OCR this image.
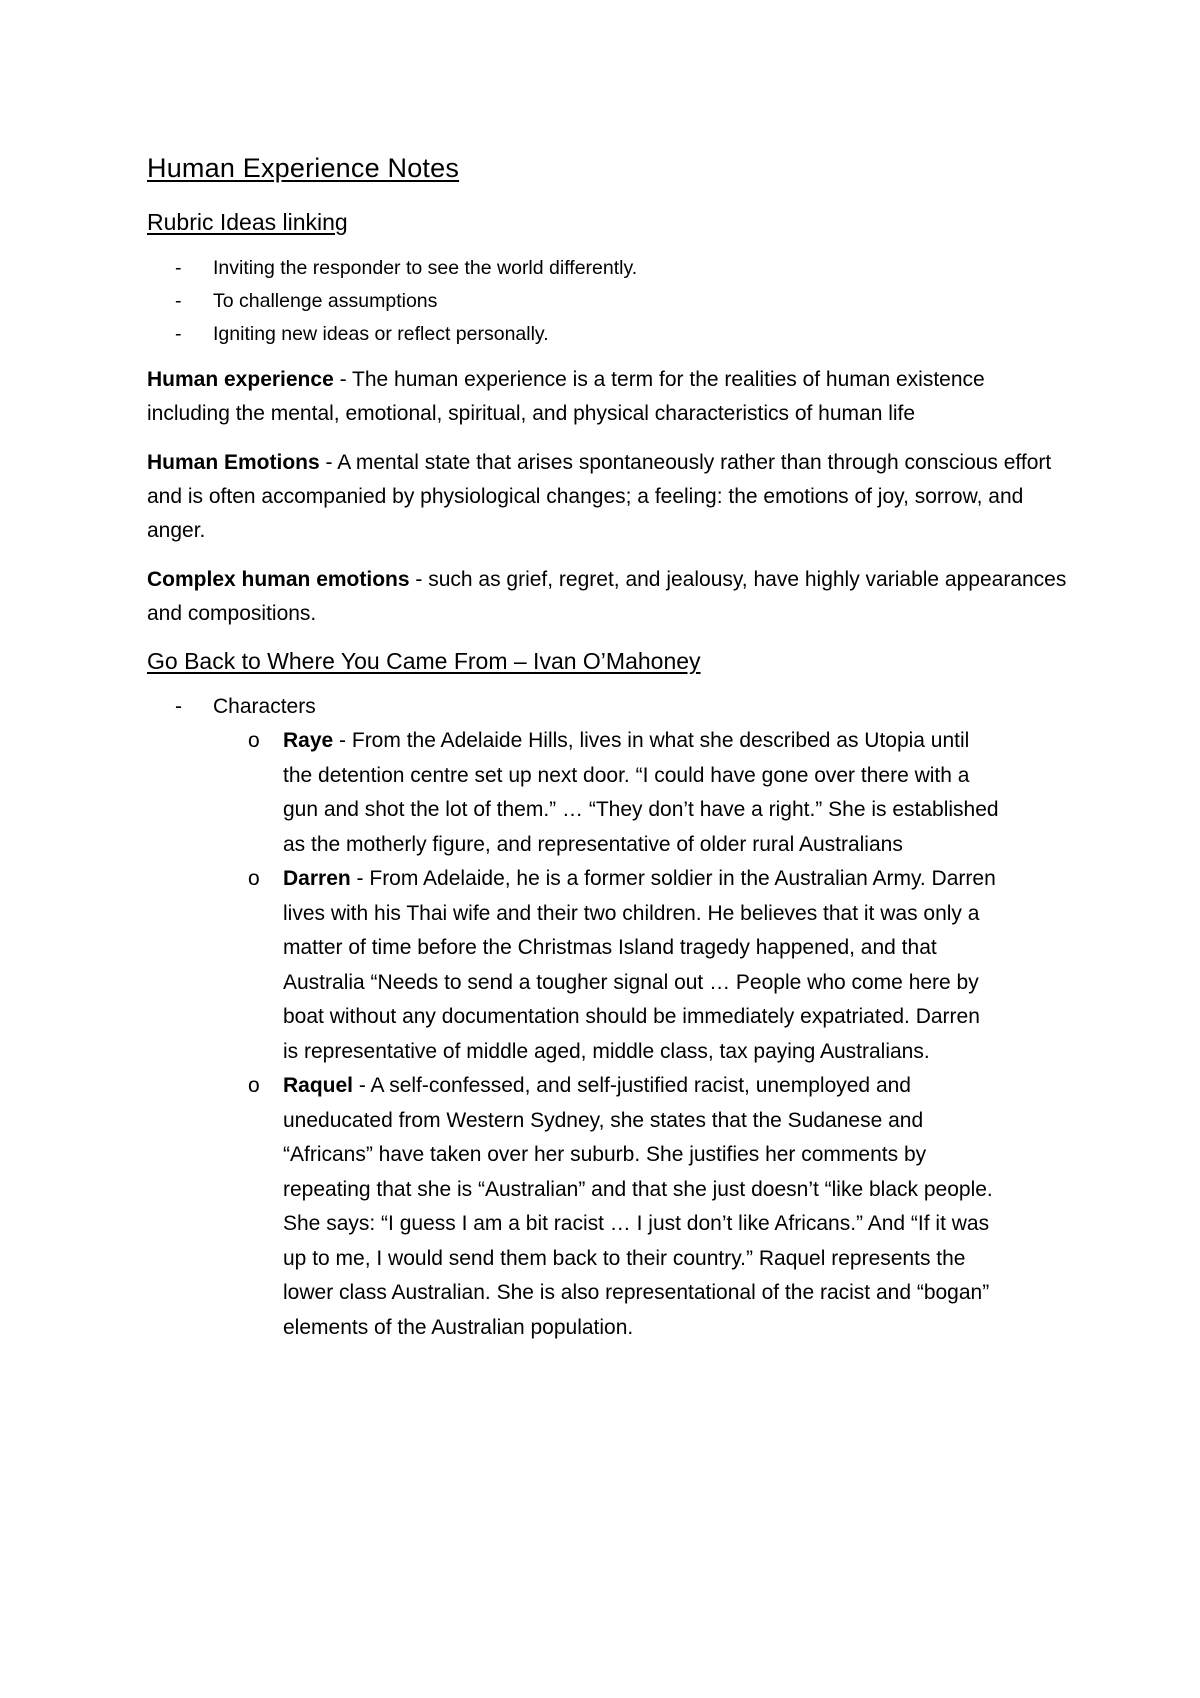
Human Experience Notes
Rubric Ideas linking
- Inviting the responder to see the world differently.
- To challenge assumptions
- Igniting new ideas or reflect personally.

Human experience - The human experience is a term for the realities of human existence including the mental, emotional, spiritual, and physical characteristics of human life

Human Emotions - A mental state that arises spontaneously rather than through conscious effort and is often accompanied by physiological changes; a feeling: the emotions of joy, sorrow, and anger.

Complex human emotions - such as grief, regret, and jealousy, have highly variable appearances and compositions.

Go Back to Where You Came From – Ivan O’Mahoney
- Characters
o Raye - From the Adelaide Hills, lives in what she described as Utopia until the detention centre set up next door. “I could have gone over there with a gun and shot the lot of them.” … “They don’t have a right.” She is established as the motherly figure, and representative of older rural Australians
o Darren - From Adelaide, he is a former soldier in the Australian Army. Darren lives with his Thai wife and their two children. He believes that it was only a matter of time before the Christmas Island tragedy happened, and that Australia “Needs to send a tougher signal out … People who come here by boat without any documentation should be immediately expatriated. Darren is representative of middle aged, middle class, tax paying Australians.
o Raquel - A self-confessed, and self-justified racist, unemployed and uneducated from Western Sydney, she states that the Sudanese and “Africans” have taken over her suburb. She justifies her comments by repeating that she is “Australian” and that she just doesn’t “like black people. She says: “I guess I am a bit racist … I just don’t like Africans.” And “If it was up to me, I would send them back to their country.” Raquel represents the lower class Australian. She is also representational of the racist and “bogan” elements of the Australian population.
